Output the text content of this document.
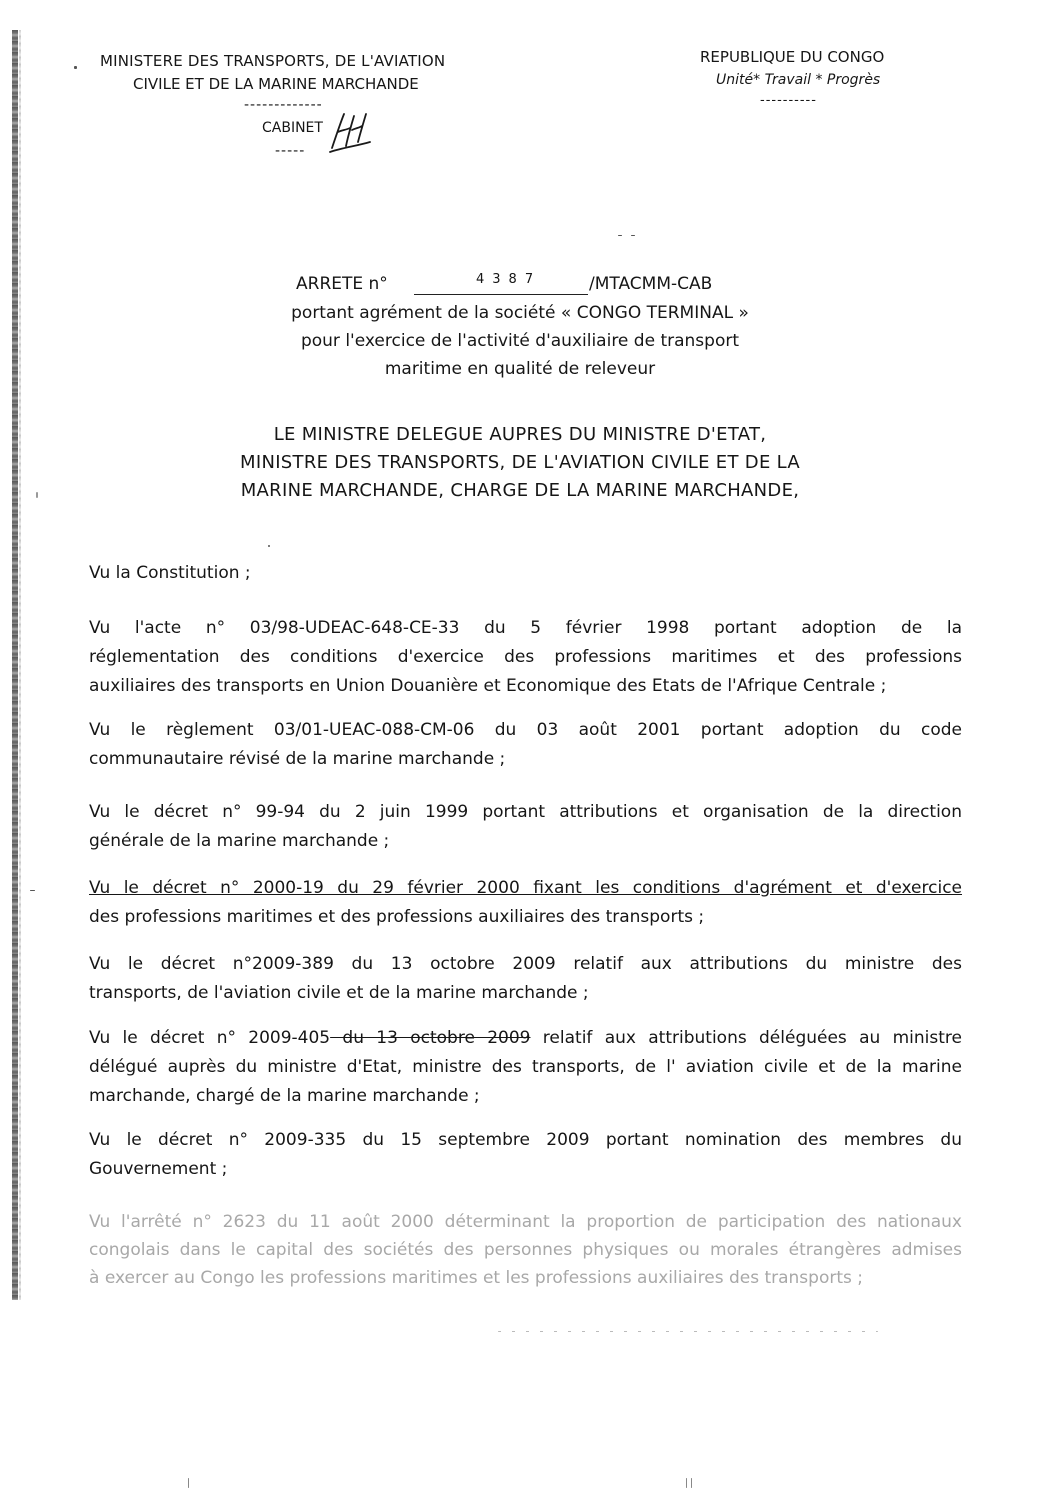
MINISTERE DES TRANSPORTS, DE L'AVIATION
CIVILE ET DE LA MARINE MARCHANDE
-------------
CABINET
-----
REPUBLIQUE DU CONGO
Unité* Travail * Progrès
----------
ARRETE n°	4387	/MTACMM-CAB
portant agrément de la société « CONGO TERMINAL »
pour l'exercice de l'activité d'auxiliaire de transport
maritime en qualité de releveur
LE MINISTRE DELEGUE AUPRES DU MINISTRE D'ETAT,
MINISTRE DES TRANSPORTS, DE L'AVIATION CIVILE ET DE LA
MARINE MARCHANDE, CHARGE DE LA MARINE MARCHANDE,
Vu la Constitution ;
Vu l'acte n° 03/98-UDEAC-648-CE-33 du 5 février 1998 portant adoption de la
réglementation des conditions d'exercice des professions maritimes et des professions
auxiliaires des transports en Union Douanière et Economique des Etats de l'Afrique Centrale ;
Vu le règlement 03/01-UEAC-088-CM-06 du 03 août 2001 portant adoption du code
communautaire révisé de la marine marchande ;
Vu le décret n° 99-94 du 2 juin 1999 portant attributions et organisation de la direction
générale de la marine marchande ;
Vu le décret n° 2000-19 du 29 février 2000 fixant les conditions d'agrément et d'exercice
des professions maritimes et des professions auxiliaires des transports ;
Vu le décret n°2009-389 du 13 octobre 2009 relatif aux attributions du ministre des
transports, de l'aviation civile et de la marine marchande ;
Vu le décret n° 2009-405 du 13 octobre 2009 relatif aux attributions déléguées au ministre
délégué auprès du ministre d'Etat, ministre des transports, de l' aviation civile et de la marine
marchande, chargé de la marine marchande ;
Vu le décret n° 2009-335 du 15 septembre 2009 portant nomination des membres du
Gouvernement ;
Vu l'arrêté n° 2623 du 11 août 2000 déterminant la proportion de participation des nationaux
congolais dans le capital des sociétés des personnes physiques ou morales étrangères admises
à exercer au Congo les professions maritimes et les professions auxiliaires des transports ;
